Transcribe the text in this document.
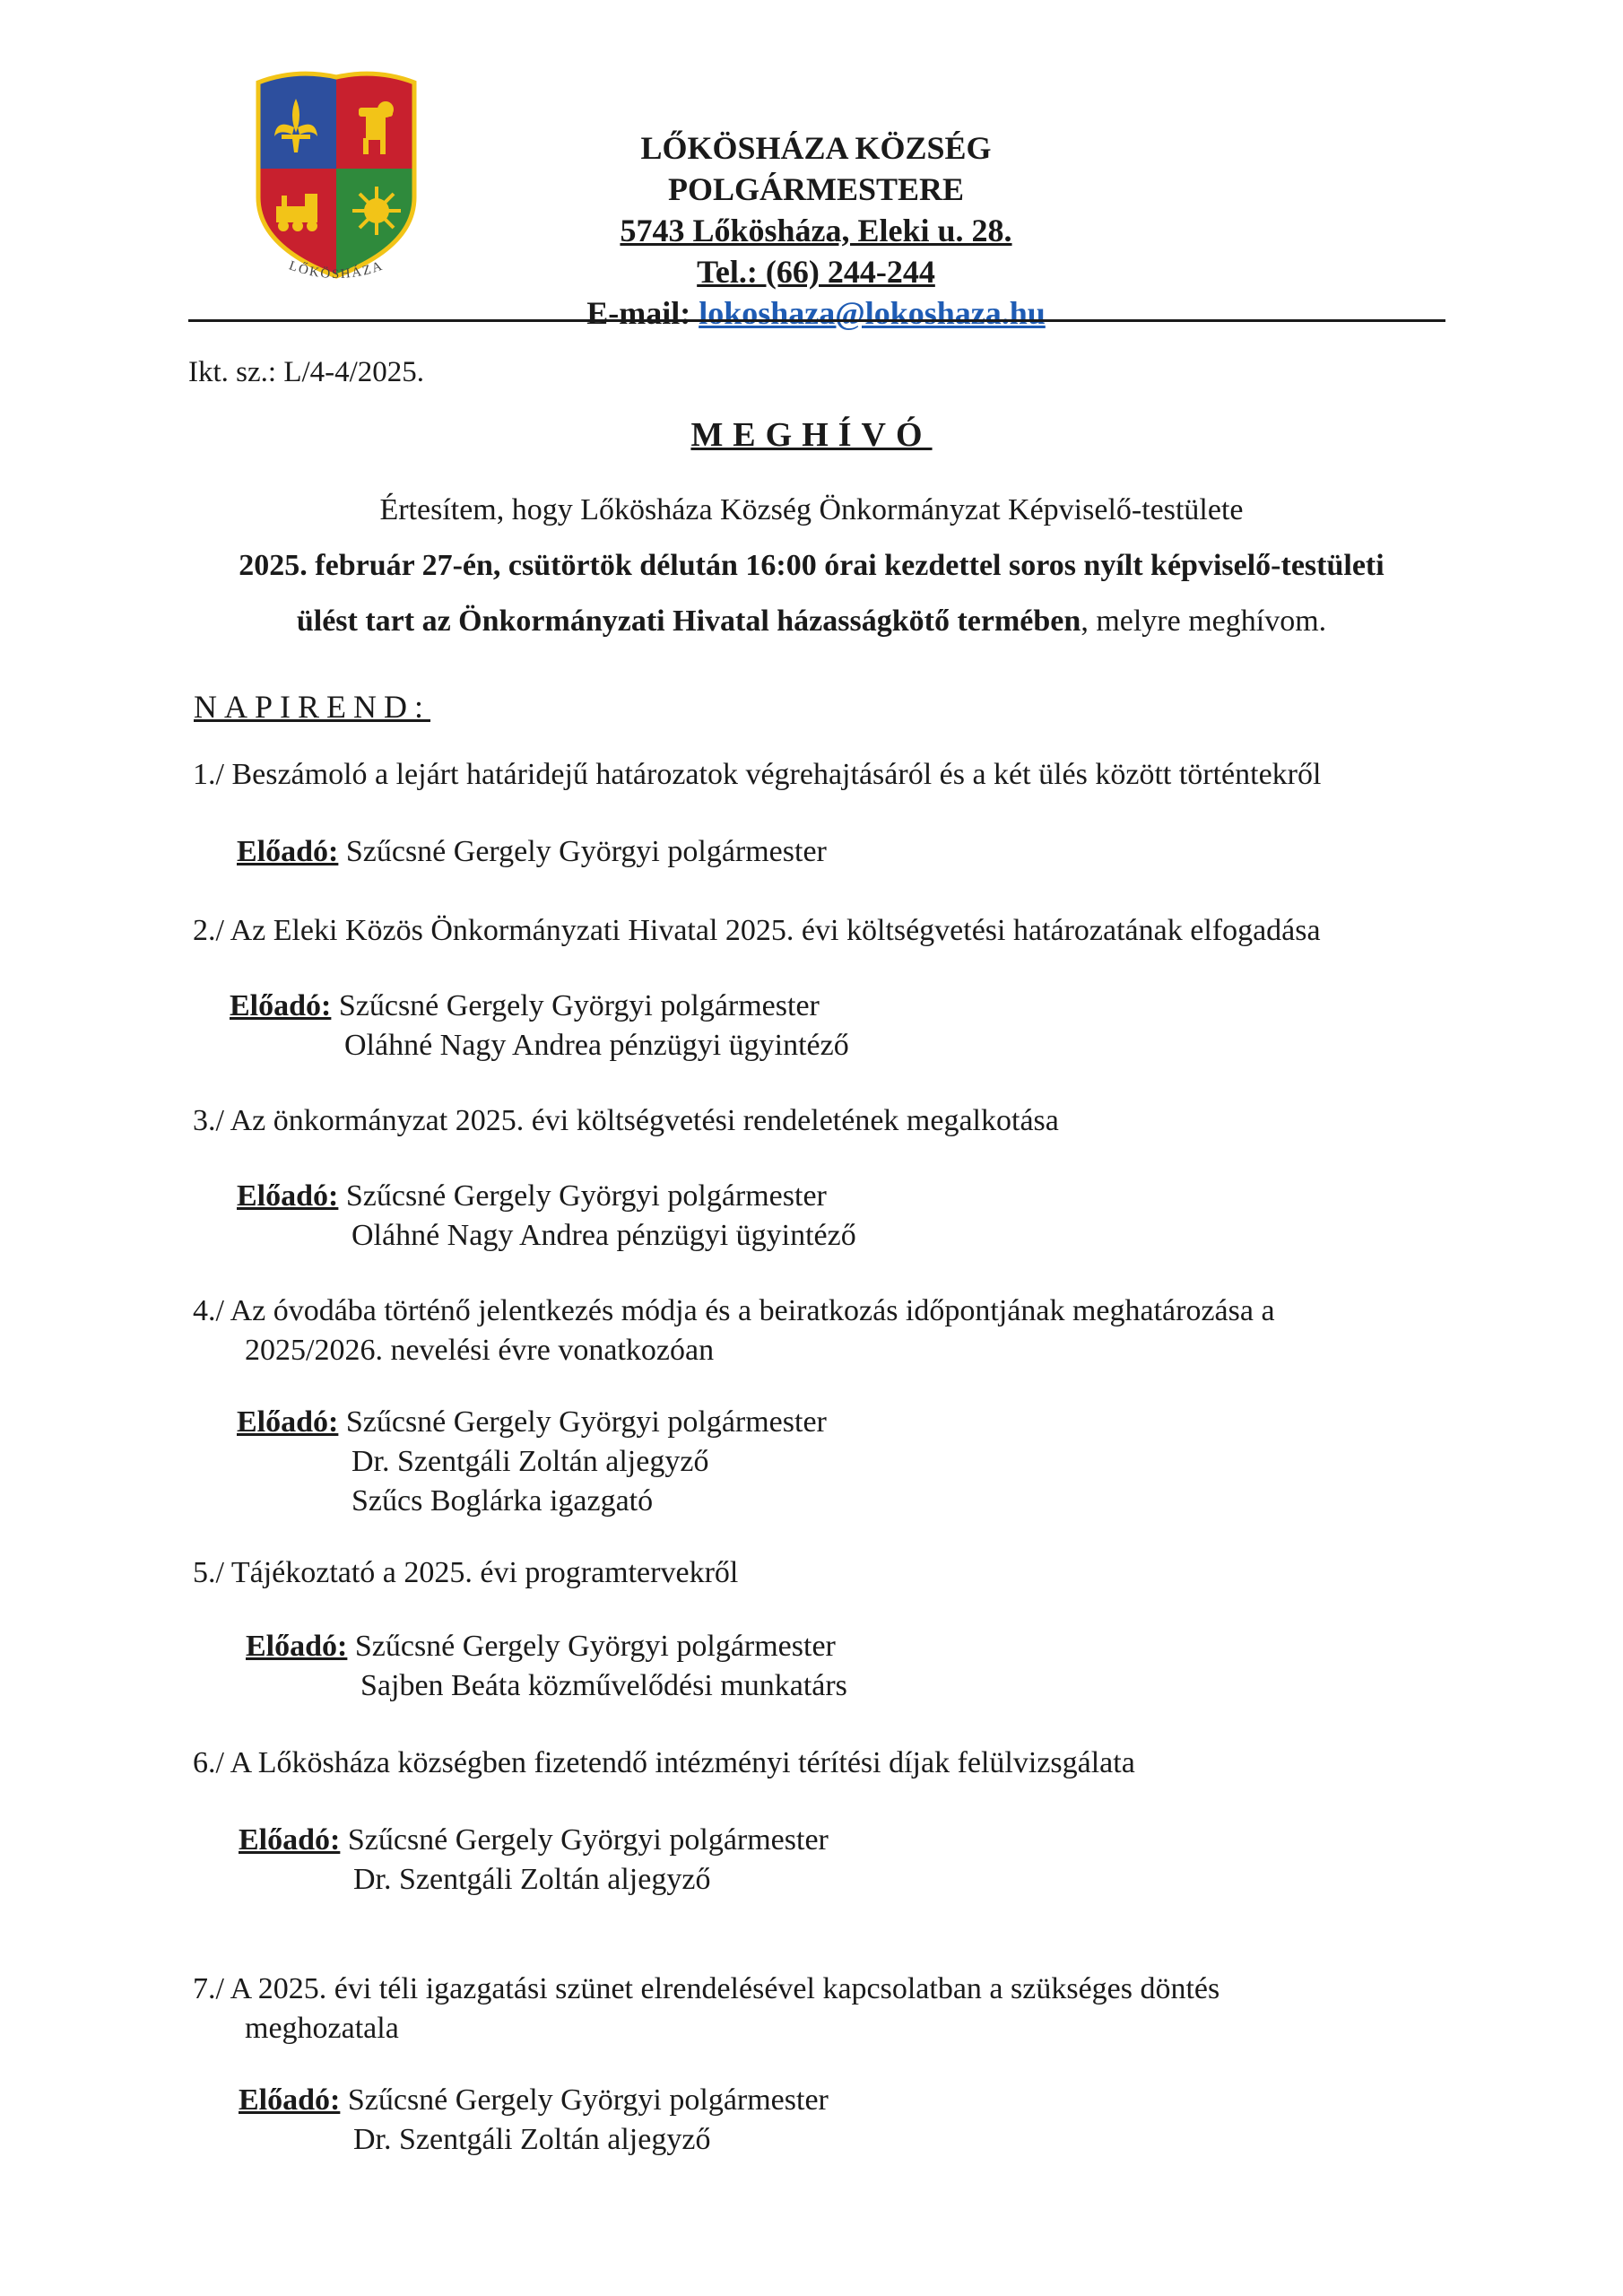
LŐKÖSHÁZA
LŐKÖSHÁZA KÖZSÉG
POLGÁRMESTERE
5743 Lőkösháza, Eleki u. 28.
Tel.: (66) 244-244
E-mail: lokoshaza@lokoshaza.hu
Ikt. sz.: L/4-4/2025.
MEGHÍVÓ
Értesítem, hogy Lőkösháza Község Önkormányzat Képviselő-testülete
2025. február 27-én, csütörtök délután 16:00 órai kezdettel soros nyílt képviselő-testületi
ülést tart az Önkormányzati Hivatal házasságkötő termében, melyre meghívom.
NAPIREND:
1./ Beszámoló a lejárt határidejű határozatok végrehajtásáról és a két ülés között történtekről
Előadó: Szűcsné Gergely Györgyi polgármester
2./ Az Eleki Közös Önkormányzati Hivatal 2025. évi költségvetési határozatának elfogadása
Előadó: Szűcsné Gergely Györgyi polgármester
Oláhné Nagy Andrea pénzügyi ügyintéző
3./ Az önkormányzat 2025. évi költségvetési rendeletének megalkotása
Előadó: Szűcsné Gergely Györgyi polgármester
Oláhné Nagy Andrea pénzügyi ügyintéző
4./ Az óvodába történő jelentkezés módja és a beiratkozás időpontjának meghatározása a
2025/2026. nevelési évre vonatkozóan
Előadó: Szűcsné Gergely Györgyi polgármester
Dr. Szentgáli Zoltán aljegyző
Szűcs Boglárka igazgató
5./ Tájékoztató a 2025. évi programtervekről
Előadó: Szűcsné Gergely Györgyi polgármester
Sajben Beáta közművelődési munkatárs
6./ A Lőkösháza községben fizetendő intézményi térítési díjak felülvizsgálata
Előadó: Szűcsné Gergely Györgyi polgármester
Dr. Szentgáli Zoltán aljegyző
7./ A 2025. évi téli igazgatási szünet elrendelésével kapcsolatban a szükséges döntés
meghozatala
Előadó: Szűcsné Gergely Györgyi polgármester
Dr. Szentgáli Zoltán aljegyző
